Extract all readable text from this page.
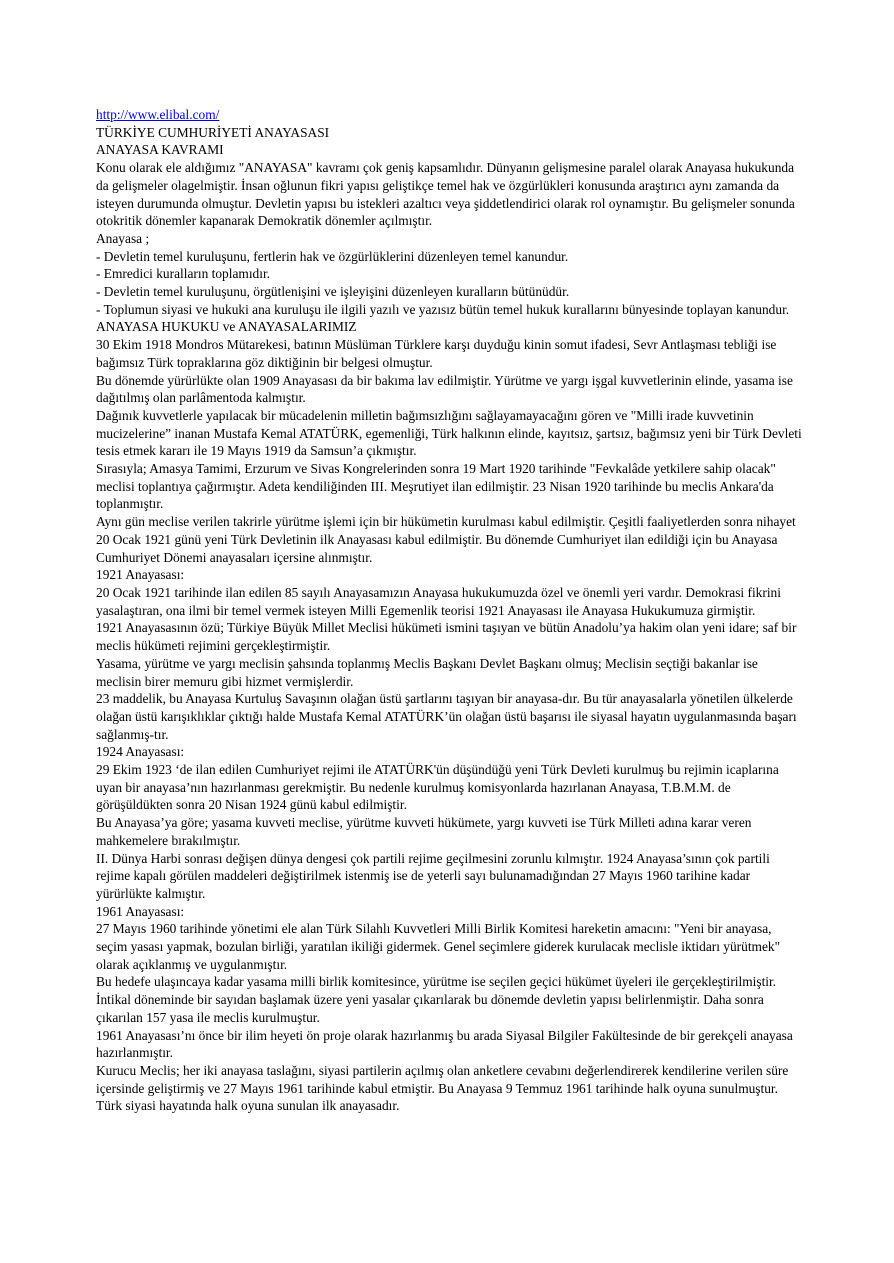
http://www.elibal.com/

TÜRKİYE CUMHURİYETİ ANAYASASI

ANAYASA KAVRAMI

Konu olarak ele aldığımız "ANAYASA" kavramı çok geniş kapsamlıdır. Dünyanın gelişmesine paralel olarak Anayasa hukukunda da gelişmeler olagelmiştir. İnsan oğlunun fikri yapısı geliştikçe temel hak ve özgürlükleri konusunda araştırıcı aynı zamanda da isteyen durumunda olmuştur. Devletin yapısı bu istekleri azaltıcı veya şiddetlendirici olarak rol oynamıştır. Bu gelişmeler sonunda otokritik dönemler kapanarak Demokratik dönemler açılmıştır.

Anayasa ;

- Devletin temel kuruluşunu, fertlerin hak ve özgürlüklerini düzenleyen temel kanundur.

- Emredici kuralların toplamıdır.

- Devletin temel kuruluşunu, örgütlenişini ve işleyişini düzenleyen kuralların bütünüdür.

- Toplumun siyasi ve hukuki ana kuruluşu ile ilgili yazılı ve yazısız bütün temel hukuk kurallarını bünyesinde toplayan kanundur.

ANAYASA HUKUKU ve ANAYASALARIMIZ

30 Ekim 1918 Mondros Mütarekesi, batının Müslüman Türklere karşı duyduğu kinin somut ifadesi, Sevr Antlaşması tebliği ise bağımsız Türk topraklarına göz diktiğinin bir belgesi olmuştur.

Bu dönemde yürürlükte olan 1909 Anayasası da bir bakıma lav edilmiştir. Yürütme ve yargı işgal kuvvetlerinin elinde, yasama ise dağıtılmış olan parlâmentoda kalmıştır.

Dağınık kuvvetlerle yapılacak bir mücadelenin milletin bağımsızlığını sağlayamayacağını gören ve "Milli irade kuvvetinin mucizelerine” inanan Mustafa Kemal ATATÜRK, egemenliği, Türk halkının elinde, kayıtsız, şartsız, bağımsız yeni bir Türk Devleti tesis etmek kararı ile 19 Mayıs 1919 da Samsun’a çıkmıştır.

Sırasıyla; Amasya Tamimi, Erzurum ve Sivas Kongrelerinden sonra 19 Mart 1920 tarihinde "Fevkalâde yetkilere sahip olacak" meclisi toplantıya çağırmıştır. Adeta kendiliğinden III. Meşrutiyet ilan edilmiştir. 23 Nisan 1920 tarihinde bu meclis Ankara'da toplanmıştır.

Aynı gün meclise verilen takrirle yürütme işlemi için bir hükümetin kurulması kabul edilmiştir. Çeşitli faaliyetlerden sonra nihayet 20 Ocak 1921 günü yeni Türk Devletinin ilk Anayasası kabul edilmiştir. Bu dönemde Cumhuriyet ilan edildiği için bu Anayasa Cumhuriyet Dönemi anayasaları içersine alınmıştır.

1921 Anayasası:

20 Ocak 1921 tarihinde ilan edilen 85 sayılı Anayasamızın Anayasa hukukumuzda özel ve önemli yeri vardır. Demokrasi fikrini yasalaştıran, ona ilmi bir temel vermek isteyen Milli Egemenlik teorisi 1921 Anayasası ile Anayasa Hukukumuza girmiştir.

1921 Anayasasının özü; Türkiye Büyük Millet Meclisi hükümeti ismini taşıyan ve bütün Anadolu’ya hakim olan yeni idare; saf bir meclis hükümeti rejimini gerçekleştirmiştir.

Yasama, yürütme ve yargı meclisin şahsında toplanmış Meclis Başkanı Devlet Başkanı olmuş; Meclisin seçtiği bakanlar ise meclisin birer memuru gibi hizmet vermişlerdir.

23 maddelik, bu Anayasa Kurtuluş Savaşının olağan üstü şartlarını taşıyan bir anayasa-dır. Bu tür anayasalarla yönetilen ülkelerde olağan üstü karışıklıklar çıktığı halde Mustafa Kemal ATATÜRK’ün olağan üstü başarısı ile siyasal hayatın uygulanmasında başarı sağlanmış-tır.

1924 Anayasası:

29 Ekim 1923 ‘de ilan edilen Cumhuriyet rejimi ile ATATÜRK'ün düşündüğü yeni Türk Devleti kurulmuş bu rejimin icaplarına uyan bir anayasa’nın hazırlanması gerekmiştir. Bu nedenle kurulmuş komisyonlarda hazırlanan Anayasa, T.B.M.M. de görüşüldükten sonra 20 Nisan 1924 günü kabul edilmiştir.

Bu Anayasa’ya göre; yasama kuvveti meclise, yürütme kuvveti hükümete, yargı kuvveti ise Türk Milleti adına karar veren mahkemelere bırakılmıştır.

II. Dünya Harbi sonrası değişen dünya dengesi çok partili rejime geçilmesini zorunlu kılmıştır. 1924 Anayasa’sının çok partili rejime kapalı görülen maddeleri değiştirilmek istenmiş ise de yeterli sayı bulunamadığından 27 Mayıs 1960 tarihine kadar yürürlükte kalmıştır.

1961 Anayasası:

27 Mayıs 1960 tarihinde yönetimi ele alan Türk Silahlı Kuvvetleri Milli Birlik Komitesi hareketin amacını: "Yeni bir anayasa, seçim yasası yapmak, bozulan birliği, yaratılan ikiliği gidermek. Genel seçimlere giderek kurulacak meclisle iktidarı yürütmek" olarak açıklanmış ve uygulanmıştır.

Bu hedefe ulaşıncaya kadar yasama milli birlik komitesince, yürütme ise seçilen geçici hükümet üyeleri ile gerçekleştirilmiştir.

İntikal döneminde bir sayıdan başlamak üzere yeni yasalar çıkarılarak bu dönemde devletin yapısı belirlenmiştir. Daha sonra çıkarılan 157 yasa ile meclis kurulmuştur.

1961 Anayasası’nı önce bir ilim heyeti ön proje olarak hazırlanmış bu arada Siyasal Bilgiler Fakültesinde de bir gerekçeli anayasa hazırlanmıştır.

Kurucu Meclis; her iki anayasa taslağını, siyasi partilerin açılmış olan anketlere cevabını değerlendirerek kendilerine verilen süre içersinde geliştirmiş ve 27 Mayıs 1961 tarihinde kabul etmiştir. Bu Anayasa 9 Temmuz 1961 tarihinde halk oyuna sunulmuştur. Türk siyasi hayatında halk oyuna sunulan ilk anayasadır.
